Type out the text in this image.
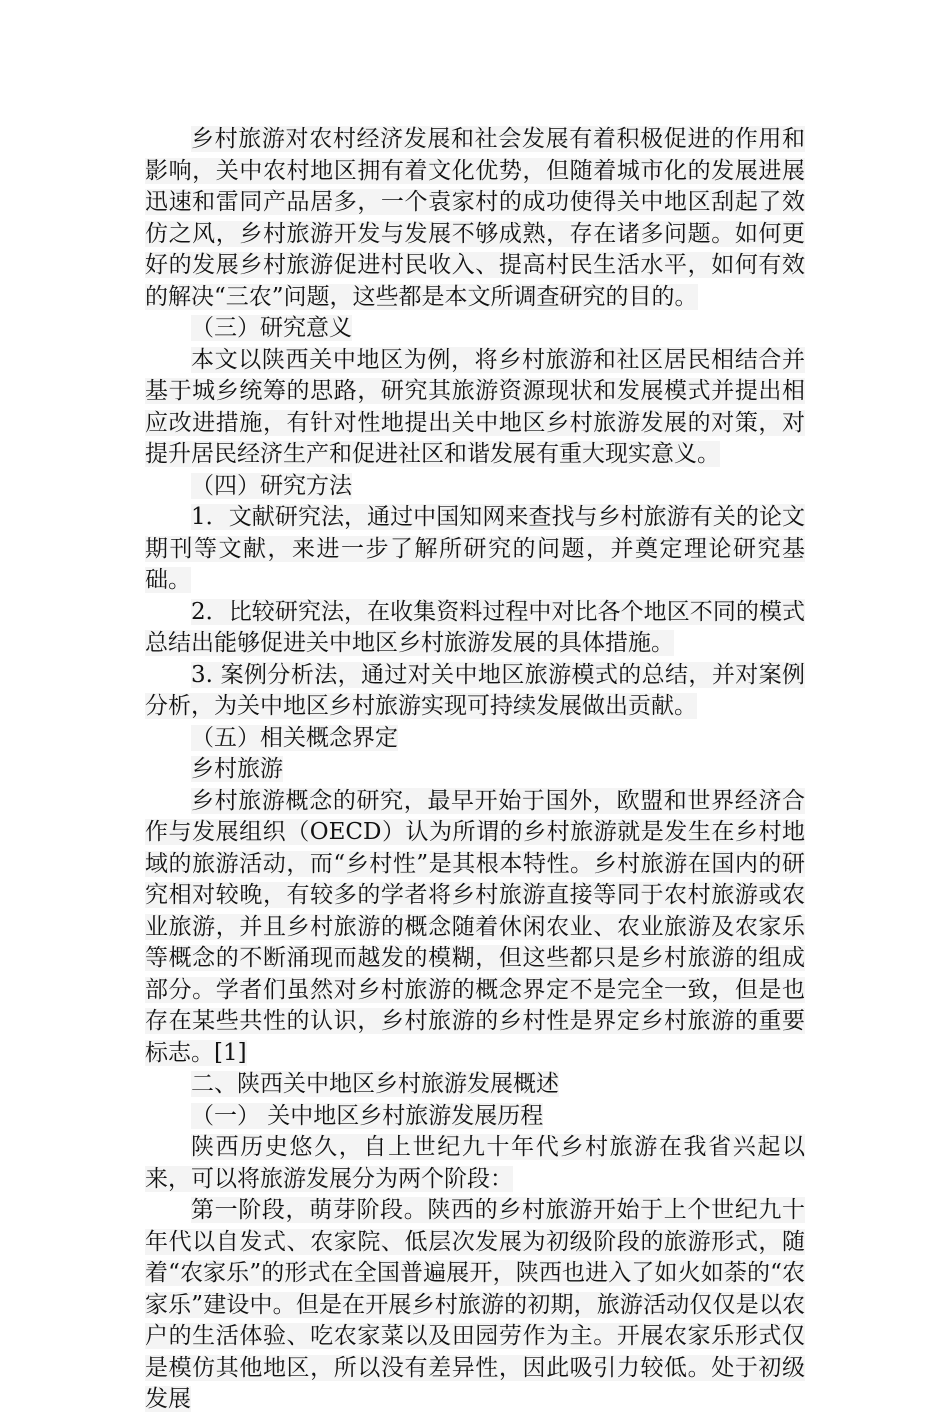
乡村旅游对农村经济发展和社会发展有着积极促进的作用和影响，关中农村地区拥有着文化优势，但随着城市化的发展进展迅速和雷同产品居多，一个袁家村的成功使得关中地区刮起了效仿之风，乡村旅游开发与发展不够成熟，存在诸多问题。如何更好的发展乡村旅游促进村民收入、提高村民生活水平，如何有效的解决“三农”问题，这些都是本文所调查研究的目的。

（三）研究意义

本文以陕西关中地区为例，将乡村旅游和社区居民相结合并基于城乡统筹的思路，研究其旅游资源现状和发展模式并提出相应改进措施，有针对性地提出关中地区乡村旅游发展的对策，对提升居民经济生产和促进社区和谐发展有重大现实意义。

（四）研究方法

1．文献研究法，通过中国知网来查找与乡村旅游有关的论文期刊等文献，来进一步了解所研究的问题，并奠定理论研究基础。

2．比较研究法，在收集资料过程中对比各个地区不同的模式总结出能够促进关中地区乡村旅游发展的具体措施。

3. 案例分析法，通过对关中地区旅游模式的总结，并对案例分析，为关中地区乡村旅游实现可持续发展做出贡献。

（五）相关概念界定

乡村旅游

乡村旅游概念的研究，最早开始于国外，欧盟和世界经济合作与发展组织（OECD）认为所谓的乡村旅游就是发生在乡村地域的旅游活动，而“乡村性”是其根本特性。乡村旅游在国内的研究相对较晚，有较多的学者将乡村旅游直接等同于农村旅游或农业旅游，并且乡村旅游的概念随着休闲农业、农业旅游及农家乐等概念的不断涌现而越发的模糊，但这些都只是乡村旅游的组成部分。学者们虽然对乡村旅游的概念界定不是完全一致，但是也存在某些共性的认识，乡村旅游的乡村性是界定乡村旅游的重要标志。[1]

二、陕西关中地区乡村旅游发展概述

（一） 关中地区乡村旅游发展历程

陕西历史悠久，自上世纪九十年代乡村旅游在我省兴起以来，可以将旅游发展分为两个阶段：

第一阶段，萌芽阶段。陕西的乡村旅游开始于上个世纪九十年代以自发式、农家院、低层次发展为初级阶段的旅游形式，随着“农家乐”的形式在全国普遍展开，陕西也进入了如火如荼的“农家乐”建设中。但是在开展乡村旅游的初期，旅游活动仅仅是以农户的生活体验、吃农家菜以及田园劳作为主。开展农家乐形式仅是模仿其他地区，所以没有差异性，因此吸引力较低。处于初级发展
